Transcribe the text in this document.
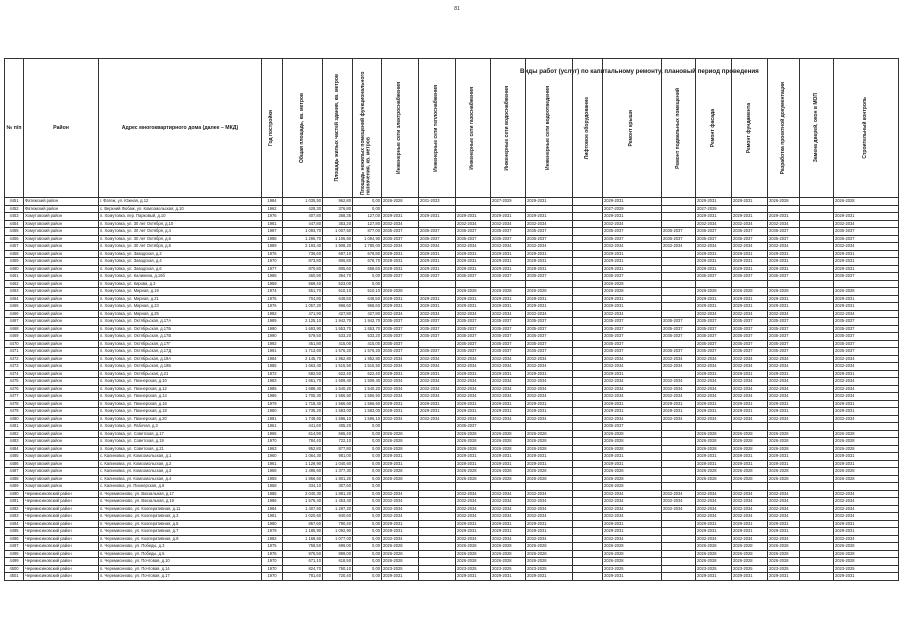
81
Виды работ (услуг) по капитальному ремонту, плановый период проведения
№ п/п	Район	Адрес многоквартирного дома (далее – МКД)	Год постройки	Общая площадь, кв. метров	Площадь жилых частей здания, кв. метров	Площадь нежилых помещений функционального назначения, кв. метров	Инженерные сети электроснабжения	Инженерные сети теплоснабжения	Инженерные сети газоснабжения	Инженерные сети водоснабжения	Инженерные сети водоотведения	Лифтовое оборудование	Ремонт крыши	Ремонт подвальных помещений	Ремонт фасада	Ремонт фундамента	Разработка проектной документации	Замена дверей, окон в МОП	Строительный контроль

4451	Фатежский район	г. Фатеж, ул. Южная, д.12	1984	1 035,50	962,80	0,00	2026-2028	2031-2033		2027-2029	2029-2031		2029-2031		2029-2031	2029-2031	2026-2028		2026-2028
4452	Фатежский район	с. Верхний Любаж, ул. Комсомольская, д.10	1962	428,30	376,80	0,00							2027-2029		2027-2029				
4453	Хомутовский район	п. Хомутовка, пер. Парковый, д.10	1976	407,80	368,35	127,00	2029-2031	2029-2031	2029-2031	2029-2031	2029-2031		2029-2031		2029-2031	2029-2031	2029-2031		2029-2031
4454	Хомутовский район	п. Хомутовка, ул. 30 лет Октября, д.10	1981	447,80	353,20	127,80	2032-2034		2032-2034	2032-2034	2032-2034		2032-2034		2032-2034	2032-2034	2032-2034		2032-2034
4455	Хомутовский район	п. Хомутовка, ул. 30 лет Октября, д.4	1987	1 093,70	1 007,50	877,00	2035-2037	2035-2037	2035-2037	2035-2037	2035-2037		2035-2037	2035-2037	2035-2037	2035-2037	2035-2037		2035-2037
4456	Хомутовский район	п. Хомутовка, ул. 30 лет Октября, д.6	1988	1 296,70	1 106,50	1 084,90	2035-2037	2035-2037	2035-2037	2035-2037	2035-2037		2035-2037	2035-2037	2035-2037	2035-2037	2035-2037		2035-2037
4457	Хомутовский район	п. Хомутовка, ул. 30 лет Октября, д.8	1989	2 193,40	1 908,20	1 780,00	2032-2034	2032-2034	2032-2034	2032-2034	2032-2034		2032-2034	2032-2034	2032-2034	2032-2034	2032-2034		2032-2034
4458	Хомутовский район	п. Хомутовка, ул. Заводская, д.2	1976	736,60	697,10	678,80	2029-2031	2029-2031	2029-2031	2029-2031	2029-2031		2029-2031		2029-2031	2029-2031	2029-2031		2029-2031
4459	Хомутовский район	п. Хомутовка, ул. Заводская, д.4	1970	873,80	806,80	678,70	2029-2031	2029-2031	2029-2031	2029-2031	2029-2031		2029-2031		2029-2031	2029-2031	2029-2031		2029-2031
4460	Хомутовский район	п. Хомутовка, ул. Заводская, д.6	1977	870,80	805,60	658,60	2029-2031	2029-2031	2029-2031	2029-2031	2029-2031		2029-2031		2029-2031	2029-2031	2029-2031		2029-2031
4461	Хомутовский район	п. Хомутовка, ул. Калинина, д.16б	1988	460,90	394,70	0,00	2035-2037	2035-2037	2035-2037	2035-2037	2035-2037		2035-2037		2035-2037	2035-2037	2035-2037		2035-2037
4462	Хомутовский район	п. Хомутовка, ул. Кирова, д.3	1959	569,40	523,00	0,00							2026-2028						
4463	Хомутовский район	п. Хомутовка, ул. Мирная, д.19	1974	551,70	510,10	510,10	2026-2028		2026-2028	2026-2028	2026-2028		2026-2028		2026-2028	2026-2028	2026-2028		2026-2028
4464	Хомутовский район	п. Хомутовка, ул. Мирная, д.21	1976	704,80	648,50	648,50	2029-2031	2029-2031	2029-2031	2029-2031	2029-2031		2029-2031		2029-2031	2029-2031	2029-2031		2029-2031
4465	Хомутовский район	п. Хомутовка, ул. Мирная, д.23	1976	1 057,20	968,60	968,60	2029-2031	2029-2031	2029-2031	2029-2031	2029-2031		2029-2031		2029-2031	2029-2031	2029-2031		2029-2031
4466	Хомутовский район	п. Хомутовка, ул. Мирная, д.25	1982	471,90	427,80	427,80	2032-2034	2032-2034	2032-2034	2032-2034	2032-2034		2032-2034		2032-2034	2032-2034	2032-2034		2032-2034
4467	Хомутовский район	п. Хомутовка, ул. Октябрьская, д.17А	1989	2 125,10	1 942,70	1 942,70	2035-2037	2035-2037	2035-2037	2035-2037	2035-2037		2035-2037	2035-2037	2035-2037	2035-2037	2035-2037		2035-2037
4468	Хомутовский район	п. Хомутовка, ул. Октябрьская, д.17Б	1990	1 693,90	1 553,70	1 553,70	2035-2037	2035-2037	2035-2037	2035-2037	2035-2037		2035-2037	2035-2037	2035-2037	2035-2037	2035-2037		2035-2037
4469	Хомутовский район	п. Хомутовка, ул. Октябрьская, д.17В	1990	579,50	533,20	533,20	2035-2037	2035-2037	2035-2037	2035-2037	2035-2037		2035-2037	2035-2037	2035-2037	2035-2037	2035-2037		2035-2037
4470	Хомутовский район	п. Хомутовка, ул. Октябрьская, д.17Г	1992	451,80	415,00	415,00	2035-2037		2035-2037	2035-2037	2035-2037		2035-2037		2035-2037	2035-2037	2035-2037		2035-2037
4471	Хомутовский район	п. Хомутовка, ул. Октябрьская, д.17Д	1991	1 713,60	1 576,20	1 576,20	2035-2037	2035-2037	2035-2037	2035-2037	2035-2037		2035-2037	2035-2037	2035-2037	2035-2037	2035-2037		2035-2037
4472	Хомутовский район	п. Хомутовка, ул. Октябрьская, д.19А	1984	2 145,70	1 952,80	1 952,80	2032-2034	2032-2034	2032-2034	2032-2034	2032-2034		2032-2034	2032-2034	2032-2034	2032-2034	2032-2034		2032-2034
4473	Хомутовский район	п. Хомутовка, ул. Октябрьская, д.19Б	1985	1 663,40	1 515,50	1 515,50	2032-2034	2032-2034	2032-2034	2032-2034	2032-2034		2032-2034	2032-2034	2032-2034	2032-2034	2032-2034		2032-2034
4474	Хомутовский район	п. Хомутовка, ул. Октябрьская, д.21	1972	682,50	622,40	622,40	2029-2031	2029-2031	2029-2031	2029-2031	2029-2031		2029-2031		2029-2031	2029-2031	2029-2031		2029-2031
4475	Хомутовский район	п. Хомутовка, ул. Пионерская, д.10	1983	1 651,70	1 509,40	1 509,40	2032-2034	2032-2034	2032-2034	2032-2034	2032-2034		2032-2034	2032-2034	2032-2034	2032-2034	2032-2034		2032-2034
4476	Хомутовский район	п. Хомутовка, ул. Пионерская, д.12	1985	1 688,40	1 540,20	1 540,20	2032-2034	2032-2034	2032-2034	2032-2034	2032-2034		2032-2034	2032-2034	2032-2034	2032-2034	2032-2034		2032-2034
4477	Хомутовский район	п. Хомутовка, ул. Пионерская, д.14	1986	1 705,30	1 556,50	1 556,50	2032-2034	2032-2034	2032-2034	2032-2034	2032-2034		2032-2034	2032-2034	2032-2034	2032-2034	2032-2034		2032-2034
4478	Хомутовский район	п. Хомутовка, ул. Пионерская, д.16	1979	1 718,40	1 566,60	1 566,60	2029-2031	2029-2031	2029-2031	2029-2031	2029-2031		2029-2031	2029-2031	2029-2031	2029-2031	2029-2031		2029-2031
4479	Хомутовский район	п. Хомутовка, ул. Пионерская, д.18	1980	1 735,20	1 583,00	1 583,00	2029-2031	2029-2031	2029-2031	2029-2031	2029-2031		2029-2031	2029-2031	2029-2031	2029-2031	2029-2031		2029-2031
4480	Хомутовский район	п. Хомутовка, ул. Пионерская, д.20	1981	1 748,60	1 596,10	1 596,10	2032-2034	2032-2034	2032-2034	2032-2034	2032-2034		2032-2034	2032-2034	2032-2034	2032-2034	2032-2034		2032-2034
4481	Хомутовский район	п. Хомутовка, ул. Рабочая, д.3	1961	441,60	405,20	0,00			2035-2037				2035-2037						
4482	Хомутовский район	п. Хомутовка, ул. Советская, д.17	1965	614,90	565,40	0,00	2026-2028		2026-2028	2026-2028	2026-2028		2026-2028		2026-2028	2026-2028	2026-2028		2026-2028
4483	Хомутовский район	п. Хомутовка, ул. Советская, д.19	1970	784,40	722,10	0,00	2026-2028		2026-2028	2026-2028	2026-2028		2026-2028		2026-2028	2026-2028	2026-2028		2026-2028
4484	Хомутовский район	п. Хомутовка, ул. Советская, д.21	1963	952,80	877,80	0,00	2026-2028		2026-2028	2026-2028	2026-2028		2026-2028		2026-2028	2026-2028	2026-2028		2026-2028
4485	Хомутовский район	с. Калиновка, ул. Комсомольская, д.1	1960	1 064,30	981,00	0,00	2029-2031		2029-2031	2029-2031	2029-2031		2029-2031		2029-2031	2029-2031	2029-2031		2029-2031
4486	Хомутовский район	с. Калиновка, ул. Комсомольская, д.2	1961	1 129,90	1 040,60	0,00	2029-2031		2029-2031	2029-2031	2029-2031		2029-2031		2029-2031	2029-2031	2029-2031		2029-2031
4487	Хомутовский район	с. Калиновка, ул. Комсомольская, д.3	1958	1 495,60	1 377,30	0,00	2026-2028		2026-2028	2026-2028	2026-2028		2026-2028		2026-2028	2026-2028	2026-2028		2026-2028
4488	Хомутовский район	с. Калиновка, ул. Комсомольская, д.4	1959	1 956,60	1 801,20	0,00	2026-2028		2026-2028	2026-2028	2026-2028		2026-2028		2026-2028	2026-2028	2026-2028		2026-2028
4489	Хомутовский район	с. Калиновка, ул. Пионерская, д.8	1958	334,10	307,60	0,00							2026-2028						
4490	Черемисиновский район	п. Черемисиново, ул. Вокзальная, д.17	1985	2 040,30	1 881,20	0,00	2032-2034		2032-2034	2032-2034	2032-2034		2032-2034	2032-2034	2032-2034	2032-2034	2032-2034		2032-2034
4491	Черемисиновский район	п. Черемисиново, ул. Вокзальная, д.19	1986	1 576,40	1 453,40	0,00	2032-2034		2032-2034	2032-2034	2032-2034		2032-2034	2032-2034	2032-2034	2032-2034	2032-2034		2032-2034
4492	Черемисиновский район	п. Черемисиново, ул. Кооперативная, д.11	1984	1 407,50	1 297,20	0,00	2032-2034		2032-2034	2032-2034	2032-2034		2032-2034	2032-2034	2032-2034	2032-2034	2032-2034		2032-2034
4493	Черемисиновский район	п. Черемисиново, ул. Кооперативная, д.3	1981	1 020,60	940,60	0,00	2032-2034		2032-2034	2032-2034	2032-2034		2032-2034		2032-2034	2032-2034	2032-2034		2032-2034
4494	Черемисиновский район	п. Черемисиново, ул. Кооперативная, д.5	1980	857,60	790,40	0,00	2029-2031		2029-2031	2029-2031	2029-2031		2029-2031		2029-2031	2029-2031	2029-2031		2029-2031
4495	Черемисиновский район	п. Черемисиново, ул. Кооперативная, д.7	1979	1 185,90	1 092,90	0,00	2029-2031		2029-2031	2029-2031	2029-2031		2029-2031		2029-2031	2029-2031	2029-2031		2029-2031
4496	Черемисиновский район	п. Черемисиново, ул. Кооперативная, д.9	1982	1 168,60	1 077,00	0,00	2032-2034		2032-2034	2032-2034	2032-2034		2032-2034		2032-2034	2032-2034	2032-2034		2032-2034
4497	Черемисиновский район	п. Черемисиново, ул. Победы, д.3	1975	758,50	699,00	0,00	2026-2028		2026-2028	2026-2028	2026-2028		2026-2028		2026-2028	2026-2028	2026-2028		2026-2028
4498	Черемисиновский район	п. Черемисиново, ул. Победы, д.5	1976	975,50	899,00	0,00	2026-2028		2026-2028	2026-2028	2026-2028		2026-2028		2026-2028	2026-2028	2026-2028		2026-2028
4499	Черемисиновский район	п. Черемисиново, ул. Почтовая, д.10	1970	671,10	618,50	0,00	2026-2028		2026-2028	2026-2028	2026-2028		2026-2028		2026-2028	2026-2028	2026-2028		2026-2028
4500	Черемисиновский район	п. Черемисиново, ул. Почтовая, д.14	1970	824,70	760,10	0,00	2023-2025		2023-2025	2023-2025	2023-2025		2023-2025		2023-2025	2023-2025	2023-2025		2023-2025
4501	Черемисиновский район	п. Черемисиново, ул. Почтовая, д.17	1970	781,60	720,40	0,00	2029-2031		2029-2031	2029-2031	2029-2031		2029-2031		2029-2031	2029-2031	2029-2031		2029-2031
